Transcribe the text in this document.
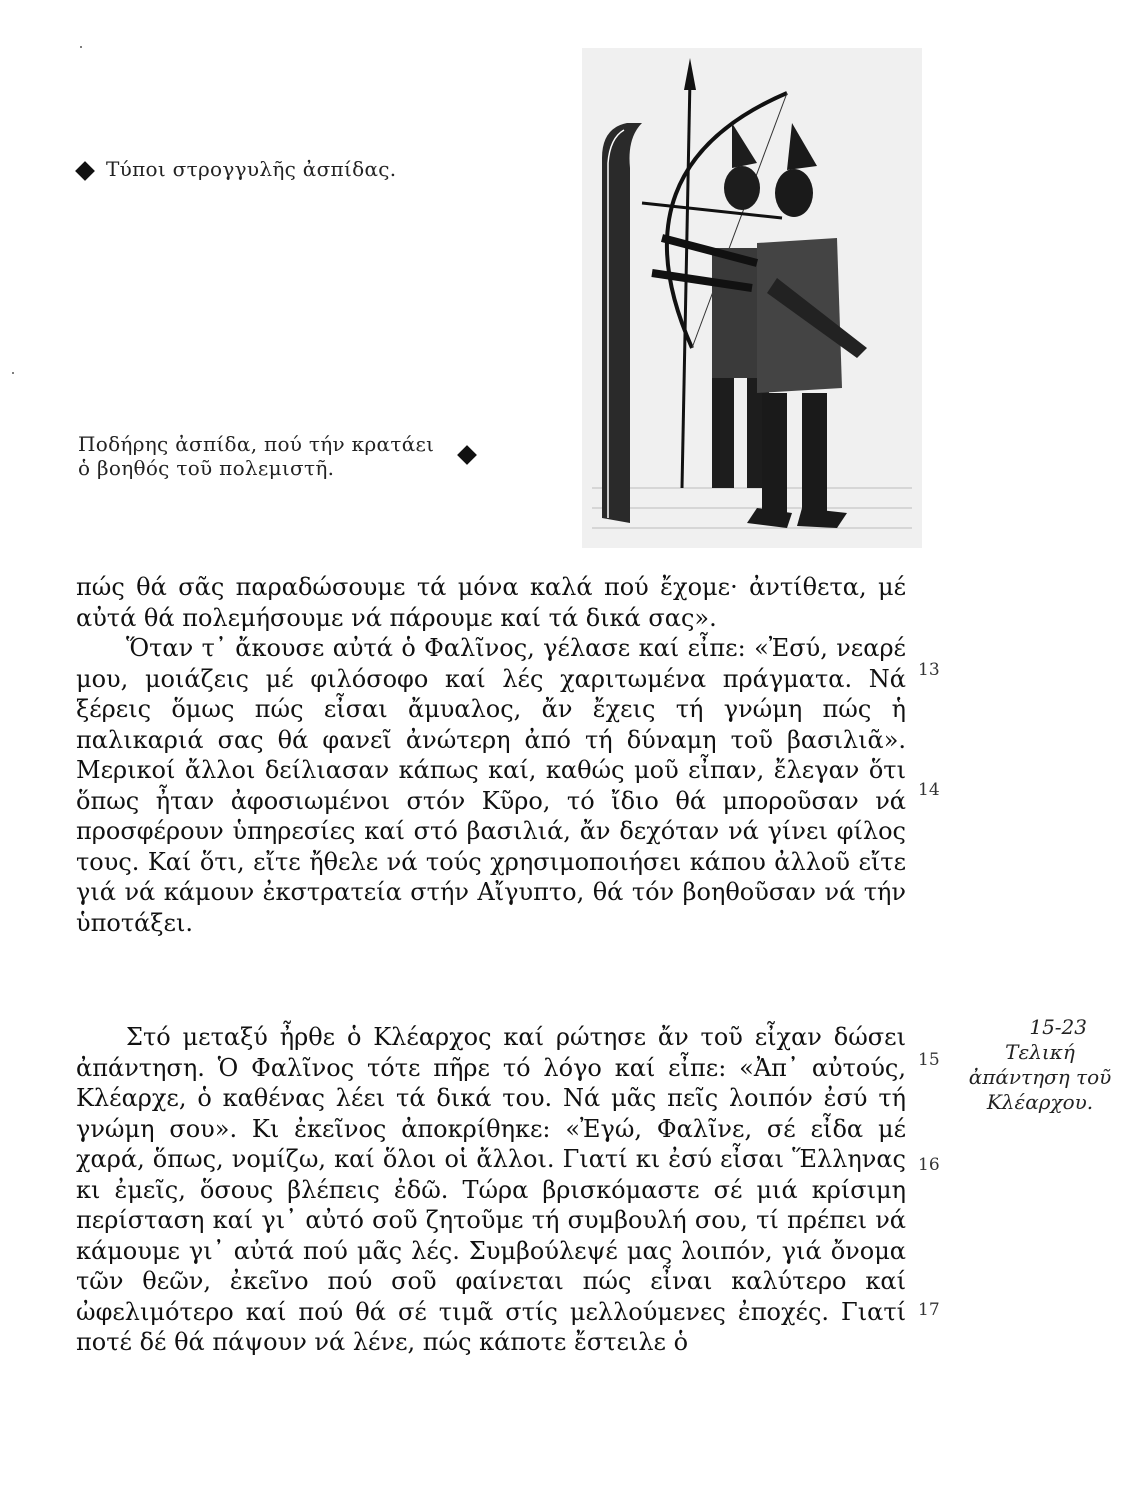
Τύποι στρογγυλῆς ἀσπίδας.
Ποδήρης ἀσπίδα, πού τήν κρατάει ὁ βοηθός τοῦ πολεμιστῆ.

πώς θά σᾶς παραδώσουμε τά μόνα καλά πού ἔχομε· ἀντίθετα, μέ αὐτά θά πολεμήσουμε νά πάρουμε καί τά δικά σας».

Ὅταν τ᾿ ἄκουσε αὐτά ὁ Φαλῖνος, γέλασε καί εἶπε: «Ἐσύ, νεαρέ μου, μοιάζεις μέ φιλόσοφο καί λές χαριτωμένα πράγματα. Νά ξέρεις ὅμως πώς εἶσαι ἄμυαλος, ἄν ἔχεις τή γνώμη πώς ἡ παλικαριά σας θά φανεῖ ἀνώτερη ἀπό τή δύναμη τοῦ βασιλιᾶ». Μερικοί ἄλλοι δείλιασαν κάπως καί, καθώς μοῦ εἶπαν, ἔλεγαν ὅτι ὅπως ἦταν ἀφοσιωμένοι στόν Κῦρο, τό ἴδιο θά μποροῦσαν νά προσφέρουν ὑπηρεσίες καί στό βασιλιά, ἄν δεχόταν νά γίνει φίλος τους. Καί ὅτι, εἴτε ἤθελε νά τούς χρησιμοποιήσει κάπου ἀλλοῦ εἴτε γιά νά κάμουν ἐκστρατεία στήν Αἴγυπτο, θά τόν βοηθοῦσαν νά τήν ὑποτάξει.

Στό μεταξύ ἦρθε ὁ Κλέαρχος καί ρώτησε ἄν τοῦ εἶχαν δώσει ἀπάντηση. Ὁ Φαλῖνος τότε πῆρε τό λόγο καί εἶπε: «Ἀπ᾿ αὐτούς, Κλέαρχε, ὁ καθένας λέει τά δικά του. Νά μᾶς πεῖς λοιπόν ἐσύ τή γνώμη σου». Κι ἐκεῖνος ἀποκρίθηκε: «Ἐγώ, Φαλῖνε, σέ εἶδα μέ χαρά, ὅπως, νομίζω, καί ὅλοι οἱ ἄλλοι. Γιατί κι ἐσύ εἶσαι Ἕλληνας κι ἐμεῖς, ὅσους βλέπεις ἐδῶ. Τώρα βρισκόμαστε σέ μιά κρίσιμη περίσταση καί γι᾿ αὐτό σοῦ ζητοῦμε τή συμβουλή σου, τί πρέπει νά κάμουμε γι᾿ αὐτά πού μᾶς λές. Συμβούλεψέ μας λοιπόν, γιά ὄνομα τῶν θεῶν, ἐκεῖνο πού σοῦ φαίνεται πώς εἶναι καλύτερο καί ὠφελιμότερο καί πού θά σέ τιμᾶ στίς μελλούμενες ἐποχές. Γιατί ποτέ δέ θά πάψουν νά λένε, πώς κάποτε ἔστειλε ὁ

13
14
15
16
17
15-23
Τελική ἀπάντηση τοῦ Κλέαρχου.
